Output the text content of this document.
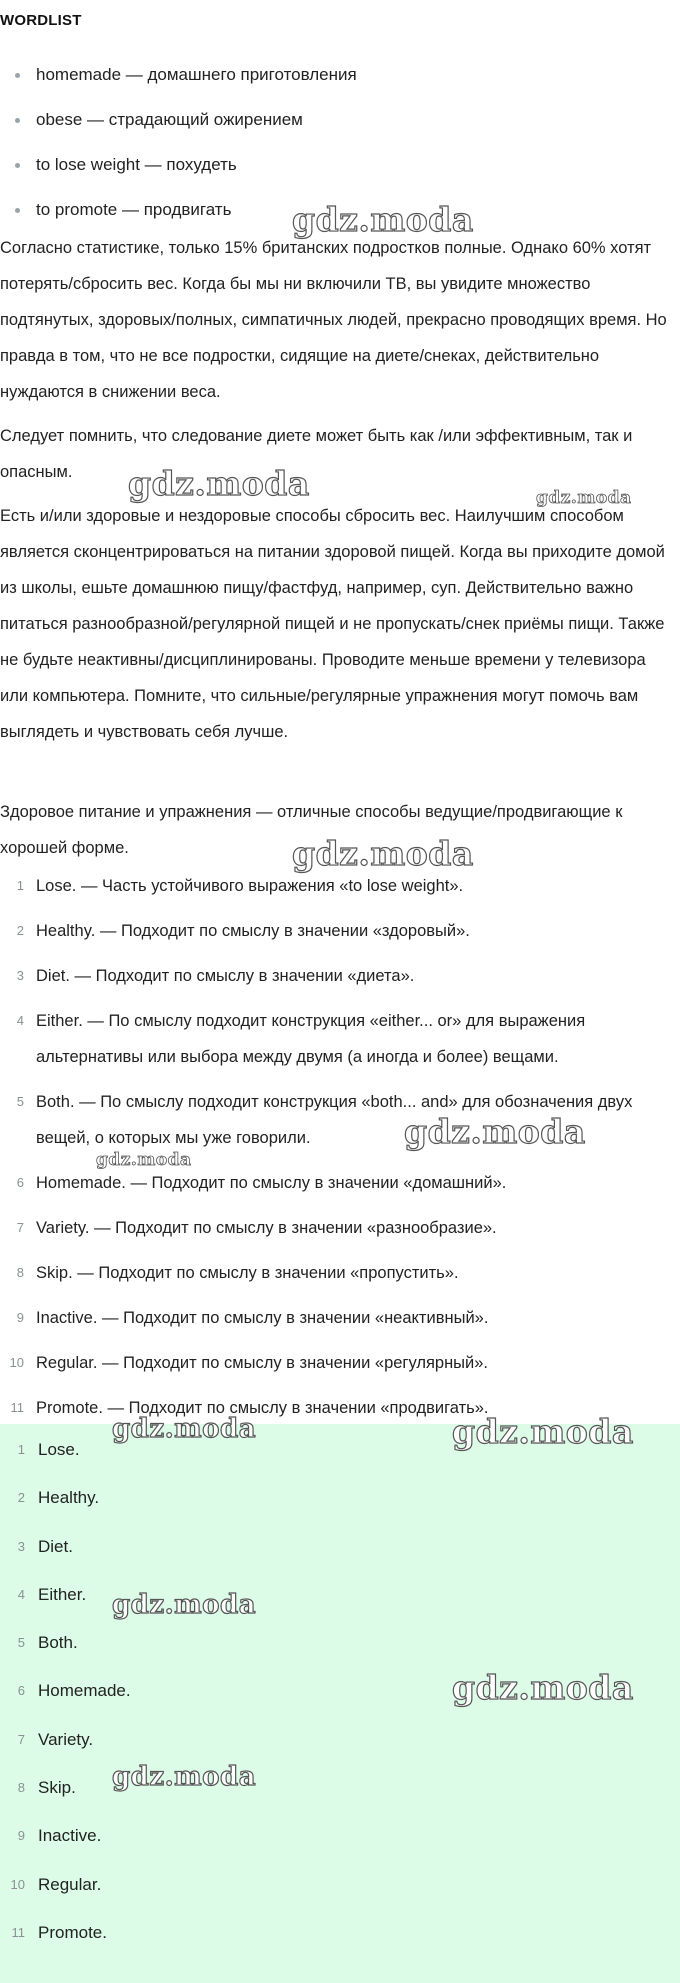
WORDLIST
homemade — домашнего приготовления
obese — страдающий ожирением
to lose weight — похудеть
to promote — продвигать

Согласно статистике, только 15% британских подростков полные. Однако 60% хотят потерять/сбросить вес. Когда бы мы ни включили ТВ, вы увидите множество подтянутых, здоровых/полных, симпатичных людей, прекрасно проводящих время. Но правда в том, что не все подростки, сидящие на диете/снеках, действительно нуждаются в снижении веса.

Следует помнить, что следование диете может быть как /или эффективным, так и опасным.

Есть и/или здоровые и нездоровые способы сбросить вес. Наилучшим способом является сконцентрироваться на питании здоровой пищей. Когда вы приходите домой из школы, ешьте домашнюю пищу/фастфуд, например, суп. Действительно важно питаться разнообразной/регулярной пищей и не пропускать/снек приёмы пищи. Также не будьте неактивны/дисциплинированы. Проводите меньше времени у телевизора или компьютера. Помните, что сильные/регулярные упражнения могут помочь вам выглядеть и чувствовать себя лучше.

Здоровое питание и упражнения — отличные способы ведущие/продвигающие к хорошей форме.

1 Lose. — Часть устойчивого выражения «to lose weight».
2 Healthy. — Подходит по смыслу в значении «здоровый».
3 Diet. — Подходит по смыслу в значении «диета».
4 Either. — По смыслу подходит конструкция «either... or» для выражения альтернативы или выбора между двумя (а иногда и более) вещами.
5 Both. — По смыслу подходит конструкция «both... and» для обозначения двух вещей, о которых мы уже говорили.
6 Homemade. — Подходит по смыслу в значении «домашний».
7 Variety. — Подходит по смыслу в значении «разнообразие».
8 Skip. — Подходит по смыслу в значении «пропустить».
9 Inactive. — Подходит по смыслу в значении «неактивный».
10 Regular. — Подходит по смыслу в значении «регулярный».
11 Promote. — Подходит по смыслу в значении «продвигать».
1 Lose.
2 Healthy.
3 Diet.
4 Either.
5 Both.
6 Homemade.
7 Variety.
8 Skip.
9 Inactive.
10 Regular.
11 Promote.
gdz.moda
gdz.moda	gdz.moda
gdz.moda
gdz.moda
gdz.moda
gdz.moda	gdz.moda
gdz.moda
gdz.moda
gdz.moda
